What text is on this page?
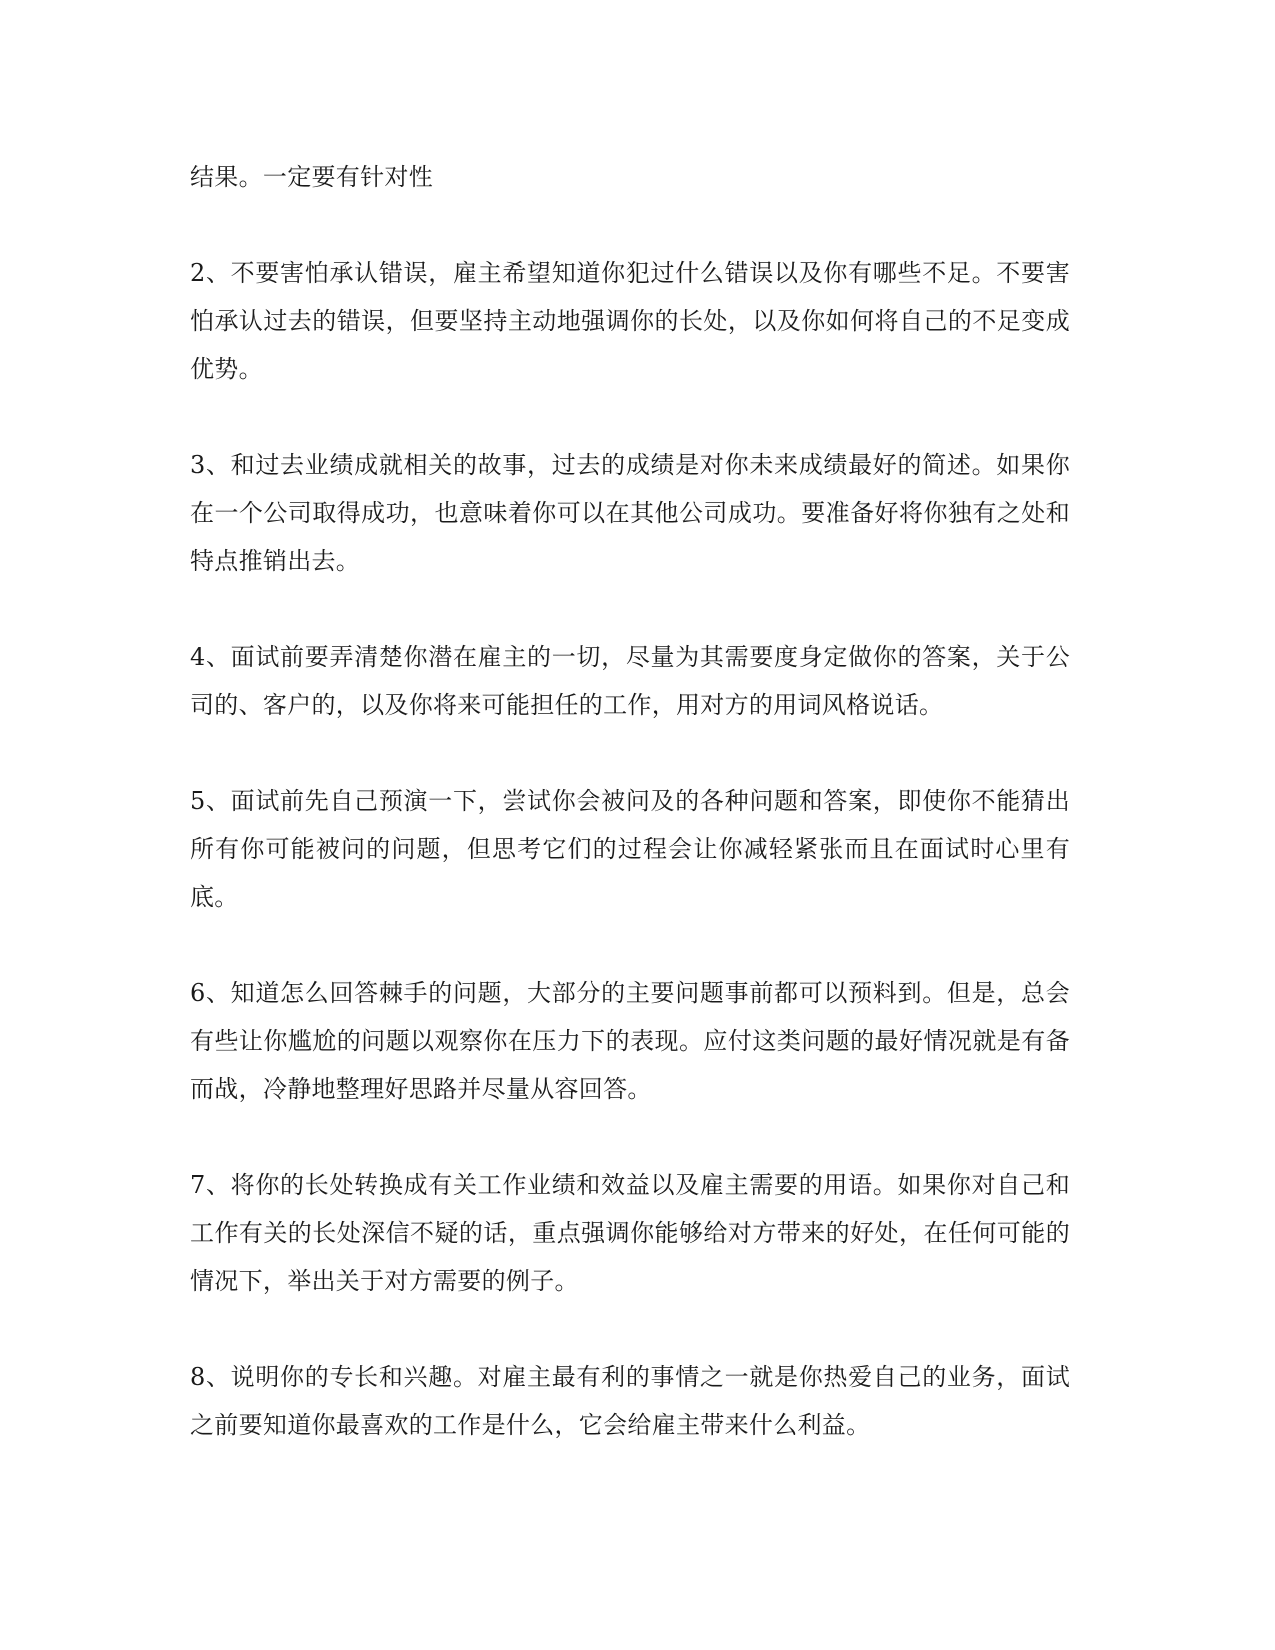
结果。一定要有针对性

2、不要害怕承认错误，雇主希望知道你犯过什么错误以及你有哪些不足。不要害怕承认过去的错误，但要坚持主动地强调你的长处，以及你如何将自己的不足变成优势。

3、和过去业绩成就相关的故事，过去的成绩是对你未来成绩最好的简述。如果你在一个公司取得成功，也意味着你可以在其他公司成功。要准备好将你独有之处和特点推销出去。

4、面试前要弄清楚你潜在雇主的一切，尽量为其需要度身定做你的答案，关于公司的、客户的，以及你将来可能担任的工作，用对方的用词风格说话。

5、面试前先自己预演一下，尝试你会被问及的各种问题和答案，即使你不能猜出所有你可能被问的问题，但思考它们的过程会让你减轻紧张而且在面试时心里有底。

6、知道怎么回答棘手的问题，大部分的主要问题事前都可以预料到。但是，总会有些让你尴尬的问题以观察你在压力下的表现。应付这类问题的最好情况就是有备而战，冷静地整理好思路并尽量从容回答。

7、将你的长处转换成有关工作业绩和效益以及雇主需要的用语。如果你对自己和工作有关的长处深信不疑的话，重点强调你能够给对方带来的好处，在任何可能的情况下，举出关于对方需要的例子。

8、说明你的专长和兴趣。对雇主最有利的事情之一就是你热爱自己的业务，面试之前要知道你最喜欢的工作是什么，它会给雇主带来什么利益。
